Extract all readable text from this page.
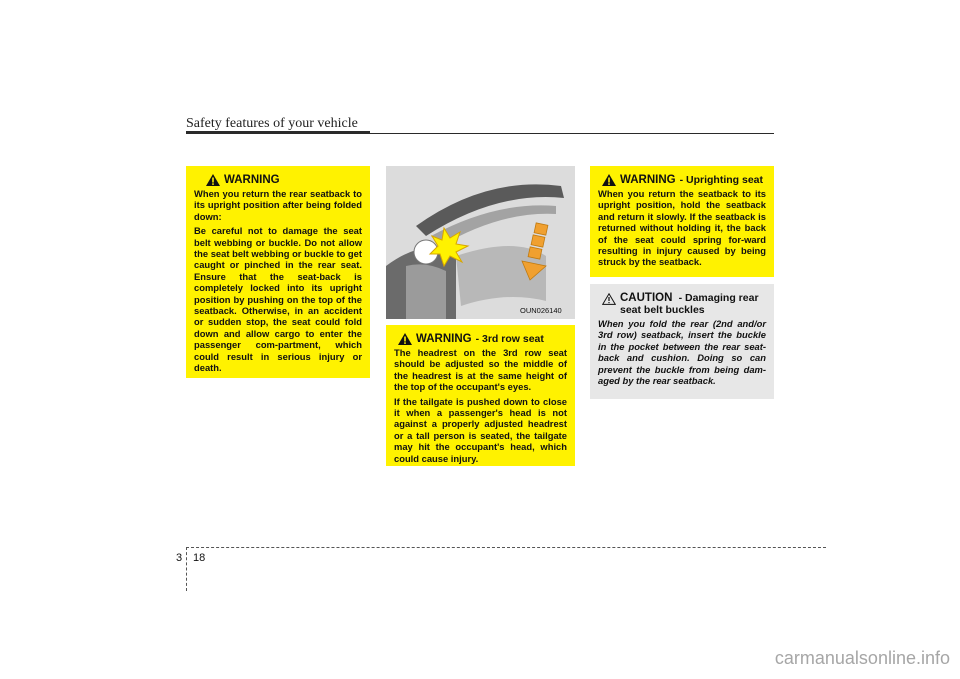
Safety features of your vehicle
WARNING

When you return the rear seatback to its upright position after being folded down:

Be careful not to damage the seat belt webbing or buckle. Do not allow the seat belt webbing or buckle to get caught or pinched in the rear seat. Ensure that the seat-back is completely locked into its upright position by pushing on the top of the seatback. Otherwise, in an accident or sudden stop, the seat could fold down and allow cargo to enter the passenger com-partment, which could result in serious injury or death.

OUN026140
WARNING - 3rd row seat

The headrest on the 3rd row seat should be adjusted so the middle of the headrest is at the same height of the top of the occupant's eyes.

If the tailgate is pushed down to close it when a passenger's head is not against a properly adjusted headrest or a tall person is seated, the tailgate may hit the occupant's head, which could cause injury.

WARNING - Uprighting seat

When you return the seatback to its upright position, hold the seatback and return it slowly. If the seatback is returned without holding it, the back of the seat could spring for-ward resulting in injury caused by being struck by the seatback.

CAUTION - Damaging rear seat belt buckles

When you fold the rear (2nd and/or 3rd row) seatback, insert the buckle in the pocket between the rear seat-back and cushion. Doing so can prevent the buckle from being dam-aged by the rear seatback.

3 18
carmanualsonline.info
